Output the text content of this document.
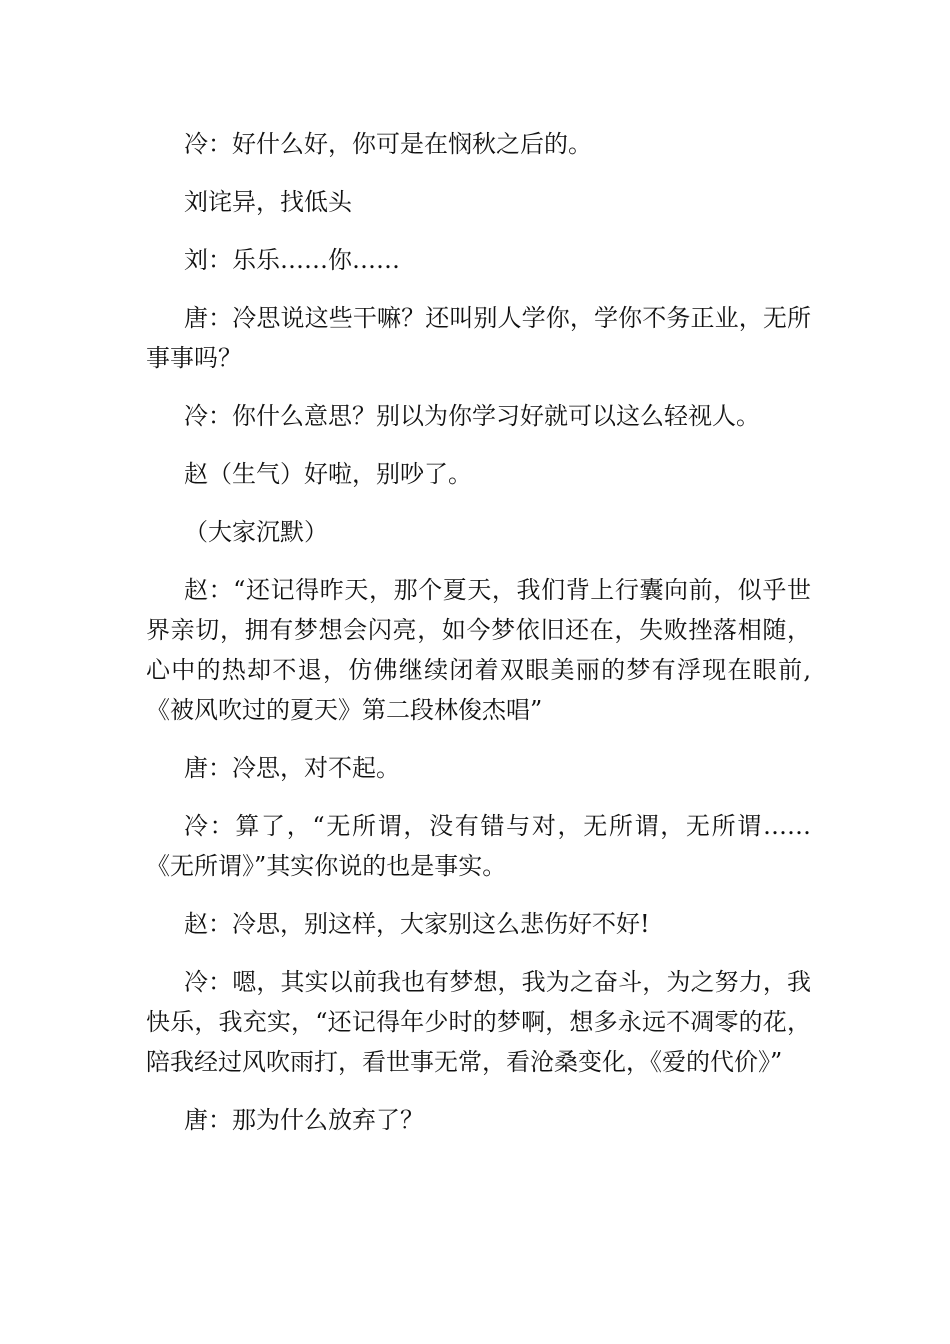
冷：好什么好，你可是在悯秋之后的。

刘诧异，找低头

刘：乐乐……你……

唐：冷思说这些干嘛？还叫别人学你，学你不务正业，无所事事吗？

冷：你什么意思？别以为你学习好就可以这么轻视人。

赵（生气）好啦，别吵了。

（大家沉默）

赵：“还记得昨天，那个夏天，我们背上行囊向前，似乎世界亲切，拥有梦想会闪亮，如今梦依旧还在，失败挫落相随，心中的热却不退，仿佛继续闭着双眼美丽的梦有浮现在眼前,《被风吹过的夏天》第二段林俊杰唱”

唐：冷思，对不起。

冷：算了，“无所谓，没有错与对，无所谓，无所谓……《无所谓》”其实你说的也是事实。

赵：冷思，别这样，大家别这么悲伤好不好!

冷：嗯，其实以前我也有梦想，我为之奋斗，为之努力，我快乐，我充实，“还记得年少时的梦啊，想多永远不凋零的花，陪我经过风吹雨打，看世事无常，看沧桑变化，《爱的代价》”

唐：那为什么放弃了？
